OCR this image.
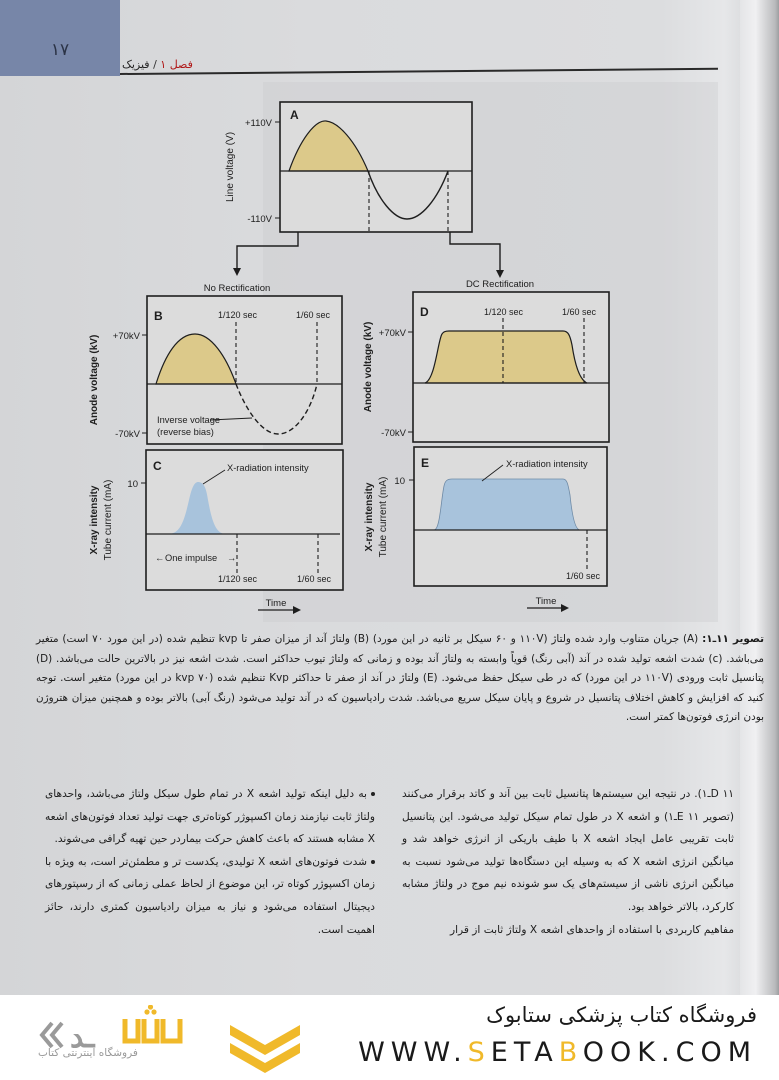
۱۷
فصل ۱ / فیزیک
A
+110V
-110V
Line voltage (V)
No Rectification	DC Rectification
B	1/120 sec	1/60 sec
+70kV
-70kV
Inverse voltage
(reverse bias)
Anode voltage (kV)
C
10
X-radiation intensity
← One impulse →
1/120 sec	1/60 sec
X-ray intensity Tube current (mA)
Time
D	1/120 sec	1/60 sec
+70kV
-70kV
Anode voltage (kV)
E
10
X-radiation intensity
1/60 sec
X-ray intensity Tube current (mA)
Time
تصویر ۱۱ـ۱: (A) جریان متناوب وارد شده ولتاژ (۱۱۰V و ۶۰ سیکل بر ثانیه در این مورد) (B) ولتاژ آند از میزان صفر تا kvp تنظیم شده (در این مورد ۷۰ است) متغیر می‌باشد. (c) شدت اشعه تولید شده در آند (آبی رنگ) قویاً وابسته به ولتاژ آند بوده و زمانی که ولتاژ تیوب حداکثر است. شدت اشعه نیز در بالاترین حالت می‌باشد. (D) پتانسیل ثابت ورودی (۱۱۰V در این مورد) که در طی سیکل حفظ می‌شود. (E) ولتاژ در آند از صفر تا حداکثر Kvp تنظیم شده (kvp ۷۰ در این مورد) متغیر است. توجه کنید که افزایش و کاهش اختلاف پتانسیل در شروع و پایان سیکل سریع می‌باشد. شدت رادیاسیون که در آند تولید می‌شود (رنگ آبی) بالاتر بوده و همچنین میزان هتروژن بودن انرژی فوتون‌ها کمتر است.

D ۱۱ـ۱). در نتیجه این سیستم‌ها پتانسیل ثابت بین آند و کاتد برقرار می‌کنند (تصویر E ۱۱ـ۱) و اشعه X در طول تمام سیکل تولید می‌شود. این پتانسیل ثابت تقریبی عامل ایجاد اشعه X با طیف باریکی از انرژی خواهد شد و میانگین انرژی اشعه X که به وسیله این دستگاه‌ها تولید می‌شود نسبت به میانگین انرژی ناشی از سیستم‌های یک سو شونده نیم موج در ولتاژ مشابه کارکرد، بالاتر خواهد بود.

مفاهیم کاربردی با استفاده از واحدهای اشعه X ولتاژ ثابت از قرار

به دلیل اینکه تولید اشعه X در تمام طول سیکل ولتاژ می‌باشد، واحدهای ولتاژ ثابت نیازمند زمان اکسپوژر کوتاه‌تری جهت تولید تعداد فوتون‌های اشعه X مشابه هستند که باعث کاهش حرکت بیماردر حین تهیه گرافی می‌شوند.

شدت فوتون‌های اشعه X تولیدی، یکدست تر و مطمئن‌تر است، به ویژه با زمان اکسپوژر کوتاه تر، این موضوع از لحاظ عملی زمانی که از رسپتورهای دیجیتال استفاده می‌شود و نیاز به میزان رادیاسیون کمتری دارند، حائز اهمیت است.

ـد
فروشگاه اینترنتی کتاب
فروشگاه کتاب پزشکی ستابوک
WWW.SETABOOK.COM
